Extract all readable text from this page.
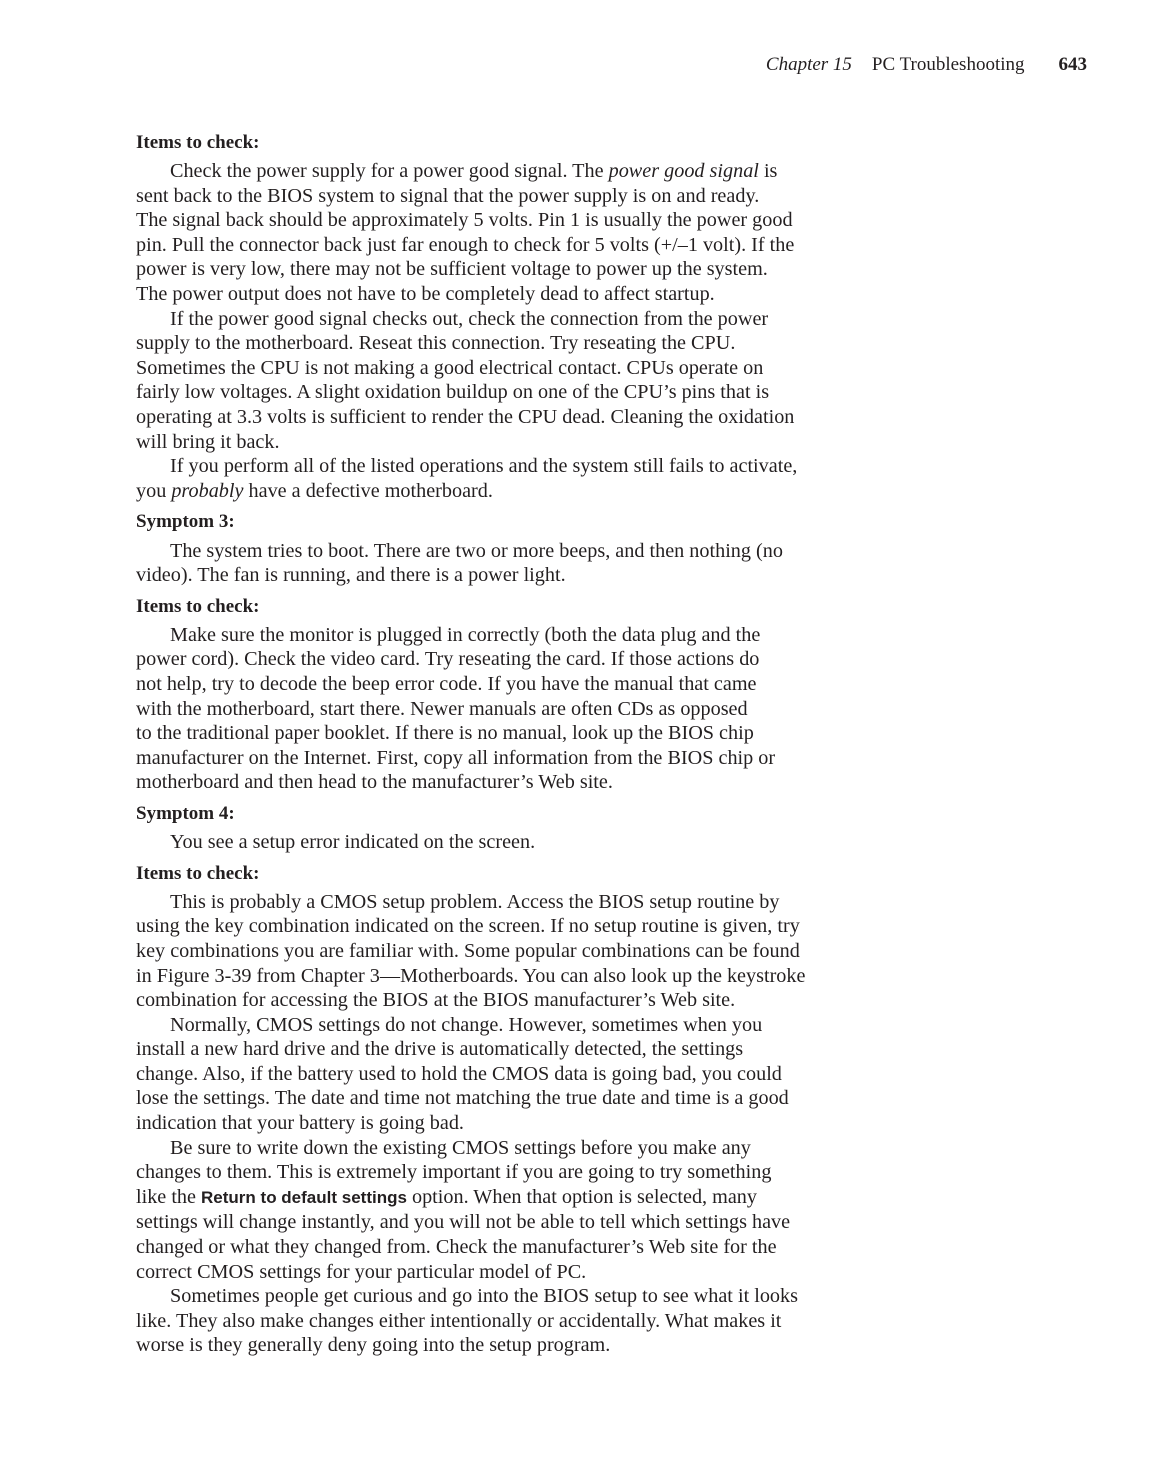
Chapter 15 PC Troubleshooting 643
Items to check:

Check the power supply for a power good signal. The power good signal is
sent back to the BIOS system to signal that the power supply is on and ready.
The signal back should be approximately 5 volts. Pin 1 is usually the power good
pin. Pull the connector back just far enough to check for 5 volts (+/–1 volt). If the
power is very low, there may not be sufficient voltage to power up the system.
The power output does not have to be completely dead to affect startup.

If the power good signal checks out, check the connection from the power
supply to the motherboard. Reseat this connection. Try reseating the CPU.
Sometimes the CPU is not making a good electrical contact. CPUs operate on
fairly low voltages. A slight oxidation buildup on one of the CPU’s pins that is
operating at 3.3 volts is sufficient to render the CPU dead. Cleaning the oxidation
will bring it back.

If you perform all of the listed operations and the system still fails to activate,
you probably have a defective motherboard.

Symptom 3:

The system tries to boot. There are two or more beeps, and then nothing (no
video). The fan is running, and there is a power light.

Items to check:

Make sure the monitor is plugged in correctly (both the data plug and the
power cord). Check the video card. Try reseating the card. If those actions do
not help, try to decode the beep error code. If you have the manual that came
with the motherboard, start there. Newer manuals are often CDs as opposed
to the traditional paper booklet. If there is no manual, look up the BIOS chip
manufacturer on the Internet. First, copy all information from the BIOS chip or
motherboard and then head to the manufacturer’s Web site.

Symptom 4:

You see a setup error indicated on the screen.

Items to check:

This is probably a CMOS setup problem. Access the BIOS setup routine by
using the key combination indicated on the screen. If no setup routine is given, try
key combinations you are familiar with. Some popular combinations can be found
in Figure 3-39 from Chapter 3—Motherboards. You can also look up the keystroke
combination for accessing the BIOS at the BIOS manufacturer’s Web site.

Normally, CMOS settings do not change. However, sometimes when you
install a new hard drive and the drive is automatically detected, the settings
change. Also, if the battery used to hold the CMOS data is going bad, you could
lose the settings. The date and time not matching the true date and time is a good
indication that your battery is going bad.

Be sure to write down the existing CMOS settings before you make any
changes to them. This is extremely important if you are going to try something
like the Return to default settings option. When that option is selected, many
settings will change instantly, and you will not be able to tell which settings have
changed or what they changed from. Check the manufacturer’s Web site for the
correct CMOS settings for your particular model of PC.

Sometimes people get curious and go into the BIOS setup to see what it looks
like. They also make changes either intentionally or accidentally. What makes it
worse is they generally deny going into the setup program.
